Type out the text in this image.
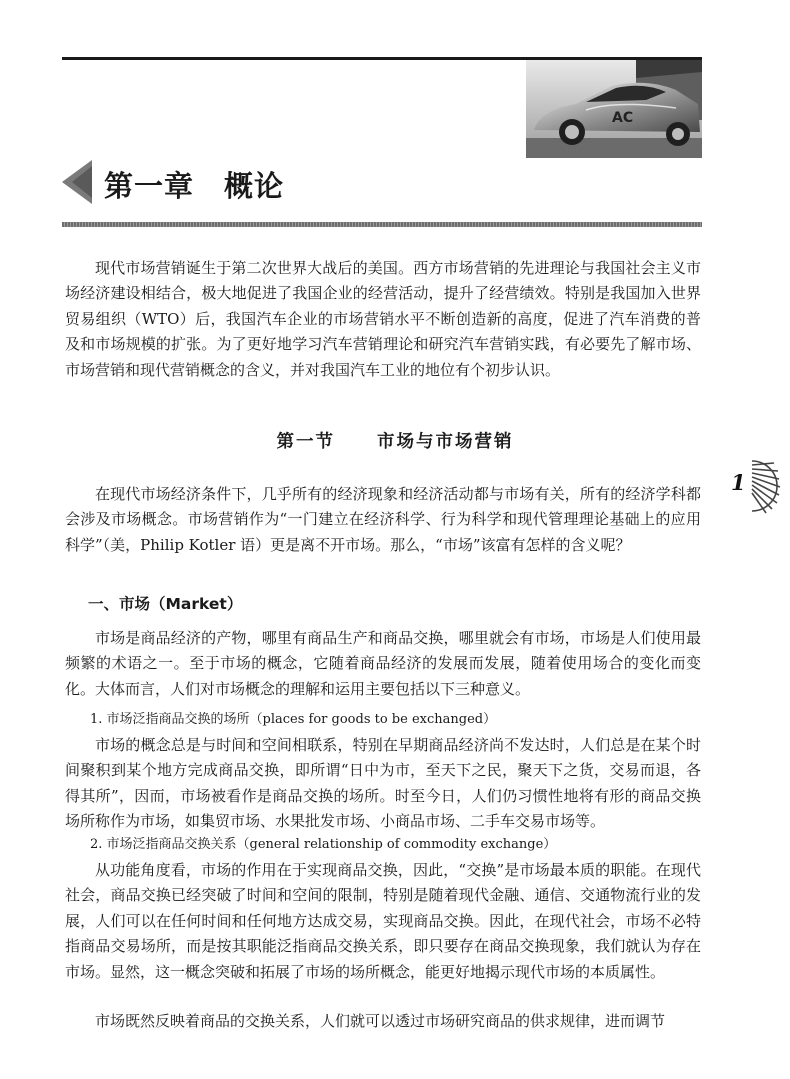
AC
第一章 概论

现代市场营销诞生于第二次世界大战后的美国。西方市场营销的先进理论与我国社会主义市场经济建设相结合，极大地促进了我国企业的经营活动，提升了经营绩效。特别是我国加入世界贸易组织（WTO）后，我国汽车企业的市场营销水平不断创造新的高度，促进了汽车消费的普及和市场规模的扩张。为了更好地学习汽车营销理论和研究汽车营销实践，有必要先了解市场、市场营销和现代营销概念的含义，并对我国汽车工业的地位有个初步认识。

第一节 市场与市场营销

在现代市场经济条件下，几乎所有的经济现象和经济活动都与市场有关，所有的经济学科都会涉及市场概念。市场营销作为“一门建立在经济科学、行为科学和现代管理理论基础上的应用科学”（美，Philip Kotler 语）更是离不开市场。那么，“市场”该富有怎样的含义呢？

一、市场（Market）

市场是商品经济的产物，哪里有商品生产和商品交换，哪里就会有市场，市场是人们使用最频繁的术语之一。至于市场的概念，它随着商品经济的发展而发展，随着使用场合的变化而变化。大体而言，人们对市场概念的理解和运用主要包括以下三种意义。

1. 市场泛指商品交换的场所（places for goods to be exchanged）

市场的概念总是与时间和空间相联系，特别在早期商品经济尚不发达时，人们总是在某个时间聚积到某个地方完成商品交换，即所谓“日中为市，至天下之民，聚天下之货，交易而退，各得其所”，因而，市场被看作是商品交换的场所。时至今日，人们仍习惯性地将有形的商品交换场所称作为市场，如集贸市场、水果批发市场、小商品市场、二手车交易市场等。

2. 市场泛指商品交换关系（general relationship of commodity exchange）

从功能角度看，市场的作用在于实现商品交换，因此，“交换”是市场最本质的职能。在现代社会，商品交换已经突破了时间和空间的限制，特别是随着现代金融、通信、交通物流行业的发展，人们可以在任何时间和任何地方达成交易，实现商品交换。因此，在现代社会，市场不必特指商品交易场所，而是按其职能泛指商品交换关系，即只要存在商品交换现象，我们就认为存在市场。显然，这一概念突破和拓展了市场的场所概念，能更好地揭示现代市场的本质属性。

市场既然反映着商品的交换关系，人们就可以透过市场研究商品的供求规律，进而调节

1
